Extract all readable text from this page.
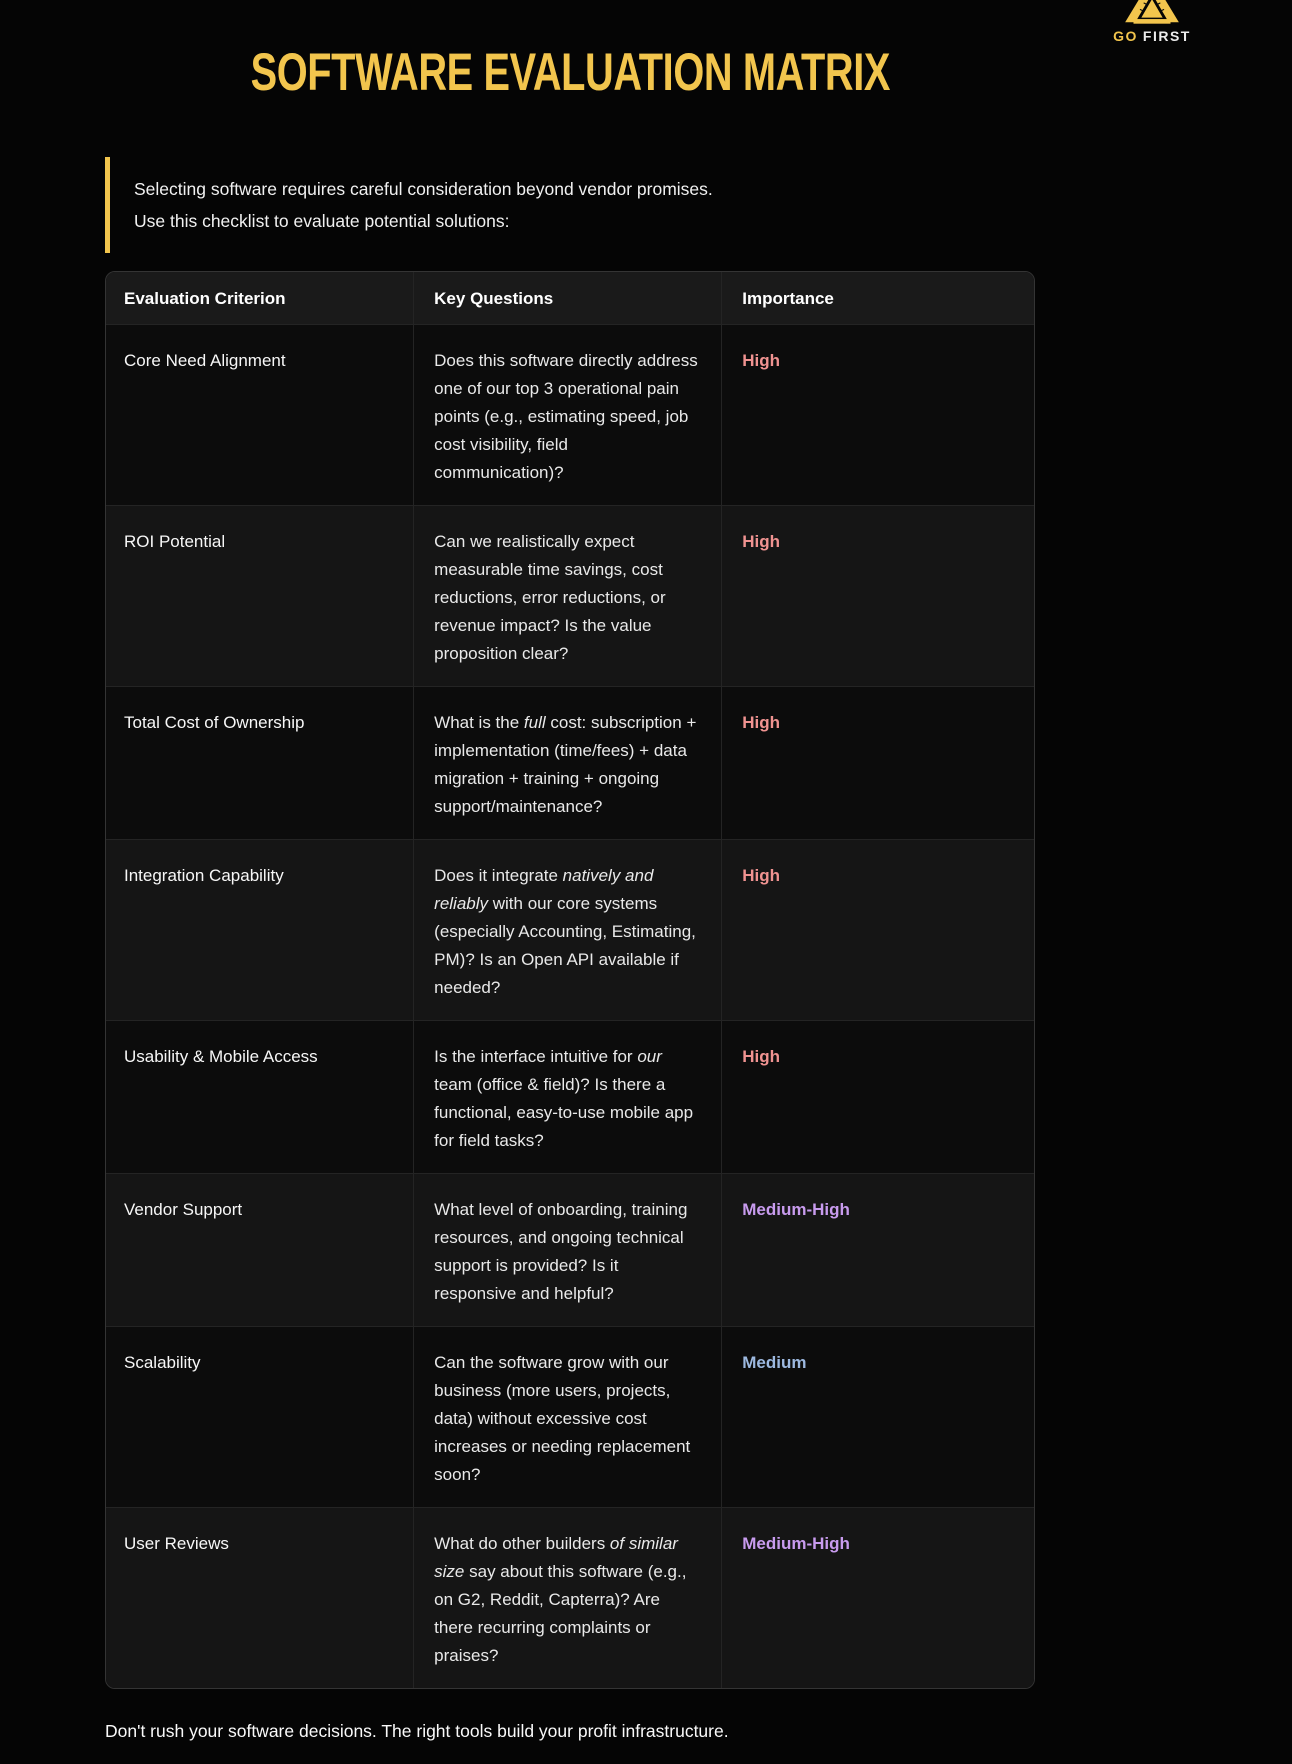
SOFTWARE EVALUATION MATRIX
GO FIRST

Selecting software requires careful consideration beyond vendor promises.

Use this checklist to evaluate potential solutions:

Evaluation Criterion	Key Questions	Importance
Core Need Alignment	Does this software directly address one of our top 3 operational pain points (e.g., estimating speed, job cost visibility, field communication)?	High
ROI Potential	Can we realistically expect measurable time savings, cost reductions, error reductions, or revenue impact? Is the value proposition clear?	High
Total Cost of Ownership	What is the full cost: subscription + implementation (time/fees) + data migration + training + ongoing support/maintenance?	High
Integration Capability	Does it integrate natively and reliably with our core systems (especially Accounting, Estimating, PM)? Is an Open API available if needed?	High
Usability & Mobile Access	Is the interface intuitive for our team (office & field)? Is there a functional, easy-to-use mobile app for field tasks?	High
Vendor Support	What level of onboarding, training resources, and ongoing technical support is provided? Is it responsive and helpful?	Medium-High
Scalability	Can the software grow with our business (more users, projects, data) without excessive cost increases or needing replacement soon?	Medium
User Reviews	What do other builders of similar size say about this software (e.g., on G2, Reddit, Capterra)? Are there recurring complaints or praises?	Medium-High

Don't rush your software decisions. The right tools build your profit infrastructure.
